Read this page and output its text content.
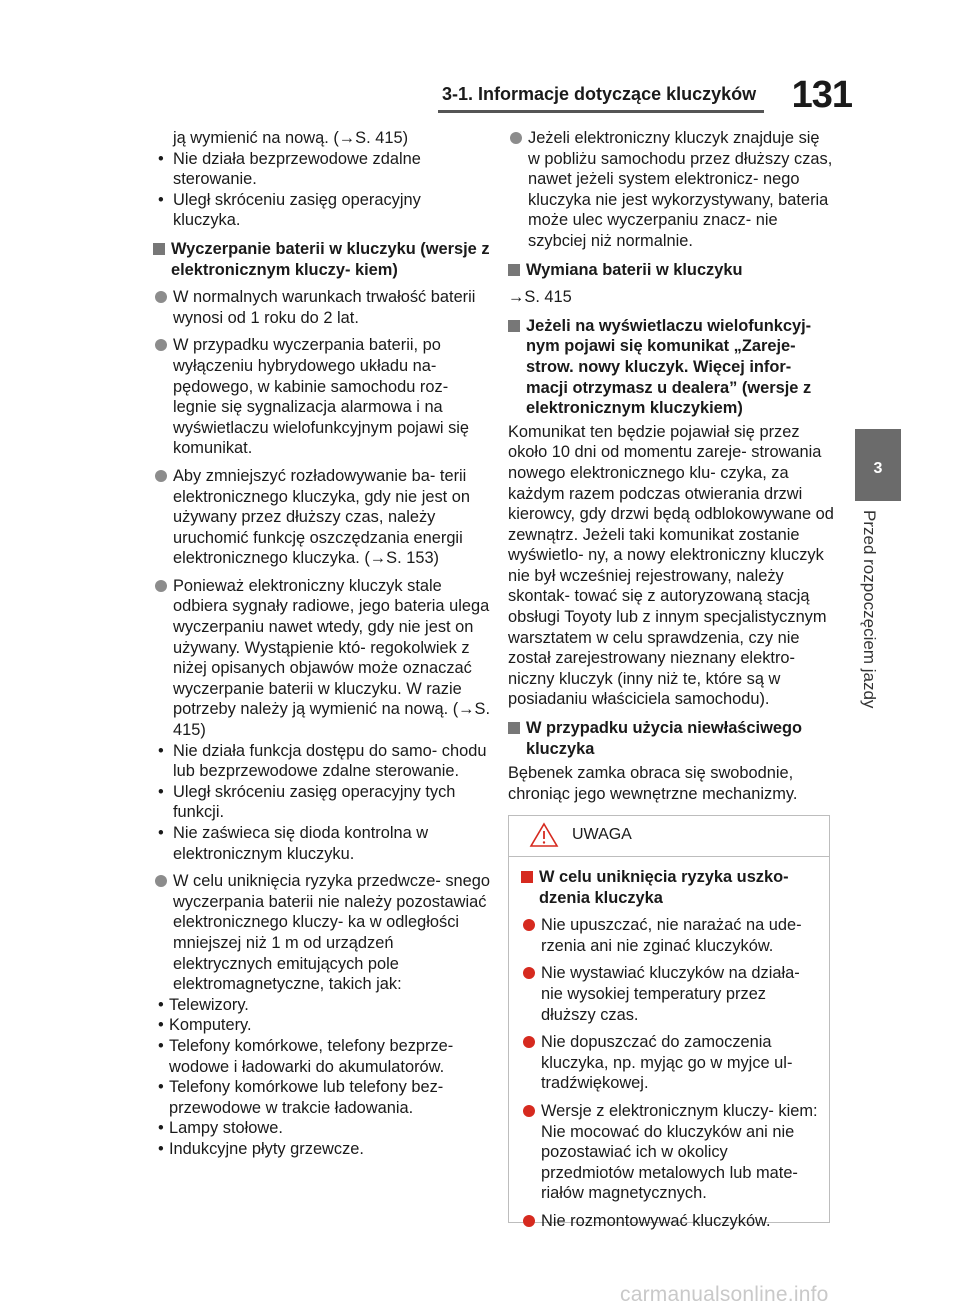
3-1. Informacje dotyczące kluczyków 131
3
Przed rozpoczęciem jazdy

ją wymienić na nową. (→S. 415)

• Nie działa bezprzewodowe zdalne sterowanie.
• Uległ skróceniu zasięg operacyjny kluczyka.
Wyczerpanie baterii w kluczyku (wersje z elektronicznym kluczy- kiem)
W normalnych warunkach trwałość baterii wynosi od 1 roku do 2 lat.
W przypadku wyczerpania baterii, po wyłączeniu hybrydowego układu na- pędowego, w kabinie samochodu roz- legnie się sygnalizacja alarmowa i na wyświetlaczu wielofunkcyjnym pojawi się komunikat.
Aby zmniejszyć rozładowywanie ba- terii elektronicznego kluczyka, gdy nie jest on używany przez dłuższy czas, należy uruchomić funkcję oszczędzania energii elektronicznego kluczyka. (→S. 153)
Ponieważ elektroniczny kluczyk stale odbiera sygnały radiowe, jego bateria ulega wyczerpaniu nawet wtedy, gdy nie jest on używany. Wystąpienie któ- regokolwiek z niżej opisanych objawów może oznaczać wyczerpanie baterii w kluczyku. W razie potrzeby należy ją wymienić na nową. (→S. 415)
• Nie działa funkcja dostępu do samo- chodu lub bezprzewodowe zdalne sterowanie.
• Uległ skróceniu zasięg operacyjny tych funkcji.
• Nie zaświeca się dioda kontrolna w elektronicznym kluczyku.
W celu uniknięcia ryzyka przedwcze- snego wyczerpania baterii nie należy pozostawiać elektronicznego kluczy- ka w odległości mniejszej niż 1 m od urządzeń elektrycznych emitujących pole elektromagnetyczne, takich jak:
• Telewizory.
• Komputery.
• Telefony komórkowe, telefony bezprze- wodowe i ładowarki do akumulatorów.
• Telefony komórkowe lub telefony bez- przewodowe w trakcie ładowania.
• Lampy stołowe.
• Indukcyjne płyty grzewcze.
Jeżeli elektroniczny kluczyk znajduje się w pobliżu samochodu przez dłuższy czas, nawet jeżeli system elektronicz- nego kluczyka nie jest wykorzystywany, bateria może ulec wyczerpaniu znacz- nie szybciej niż normalnie.
Wymiana baterii w kluczyku

→S. 415

Jeżeli na wyświetlaczu wielofunkcyj- nym pojawi się komunikat „Zareje- strow. nowy kluczyk. Więcej infor- macji otrzymasz u dealera” (wersje z elektronicznym kluczykiem)

Komunikat ten będzie pojawiał się przez około 10 dni od momentu zareje- strowania nowego elektronicznego klu- czyka, za każdym razem podczas otwierania drzwi kierowcy, gdy drzwi będą odblokowywane od zewnątrz. Jeżeli taki komunikat zostanie wyświetlo- ny, a nowy elektroniczny kluczyk nie był wcześniej rejestrowany, należy skontak- tować się z autoryzowaną stacją obsługi Toyoty lub z innym specjalistycznym warsztatem w celu sprawdzenia, czy nie został zarejestrowany nieznany elektro- niczny kluczyk (inny niż te, które są w posiadaniu właściciela samochodu).

W przypadku użycia niewłaściwego kluczyka

Bębenek zamka obraca się swobodnie, chroniąc jego wewnętrzne mechanizmy.

UWAGA
W celu uniknięcia ryzyka uszko- dzenia kluczyka
Nie upuszczać, nie narażać na ude- rzenia ani nie zginać kluczyków.
Nie wystawiać kluczyków na działa- nie wysokiej temperatury przez dłuższy czas.
Nie dopuszczać do zamoczenia kluczyka, np. myjąc go w myjce ul- tradźwiękowej.
Wersje z elektronicznym kluczy- kiem: Nie mocować do kluczyków ani nie pozostawiać ich w okolicy przedmiotów metalowych lub mate- riałów magnetycznych.
Nie rozmontowywać kluczyków.
carmanualsonline.info
